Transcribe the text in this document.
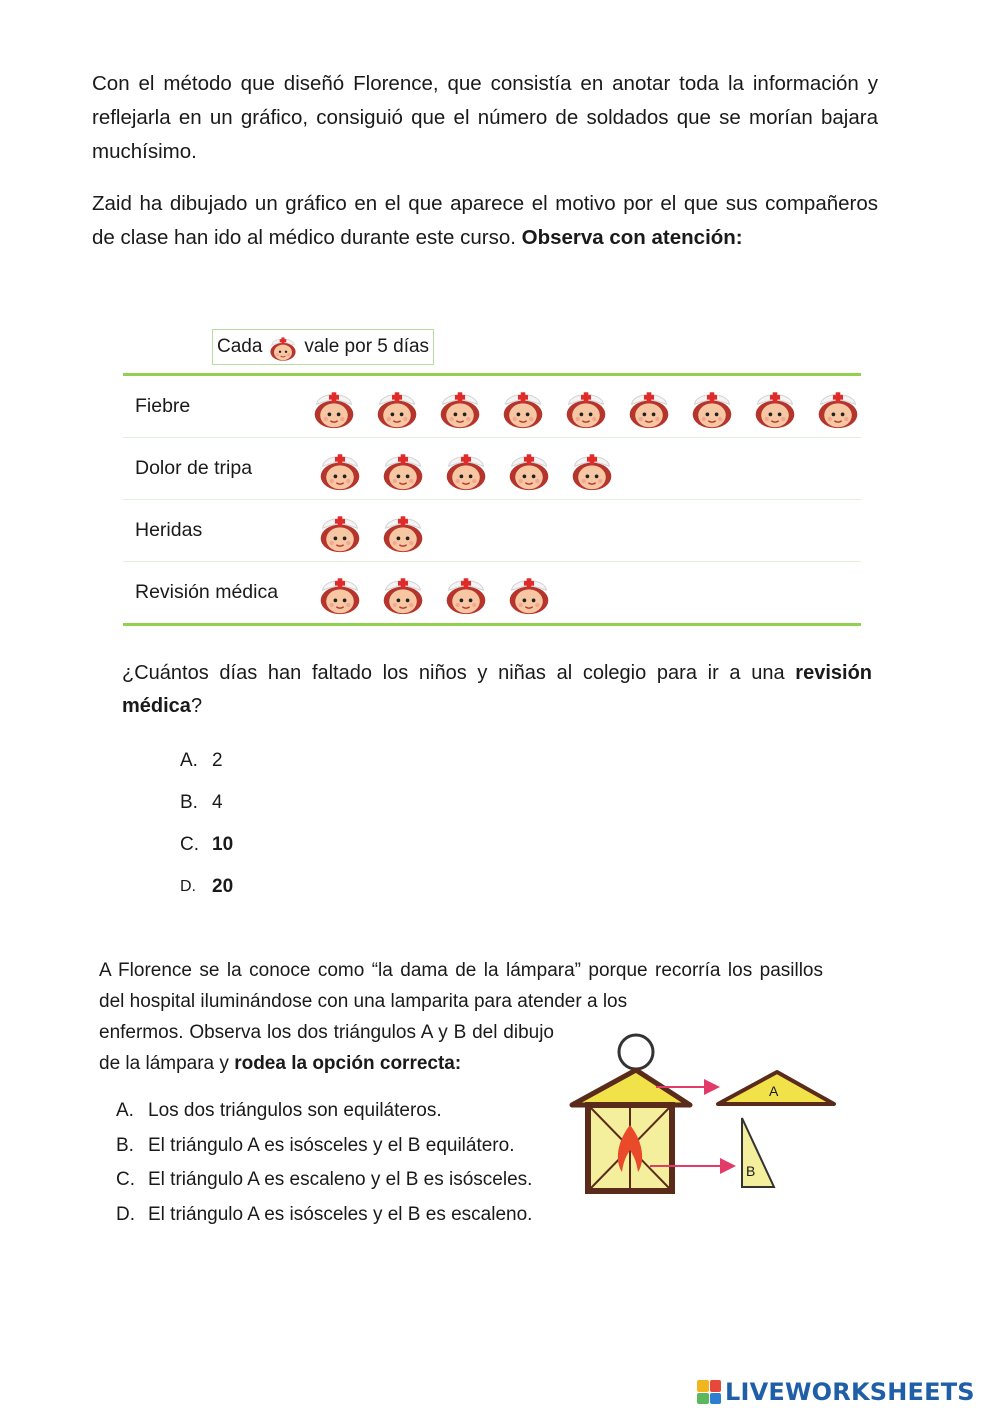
Con el método que diseñó Florence, que consistía en anotar toda la información y reflejarla en un gráfico, consiguió que el número de soldados que se morían bajara muchísimo.

Zaid ha dibujado un gráfico en el que aparece el motivo por el que sus compañeros de clase han ido al médico durante este curso. Observa con atención:

Cada vale por 5 días
Fiebre
Dolor de tripa
Heridas
Revisión médica

¿Cuántos días han faltado los niños y niñas al colegio para ir a una revisión médica?

A. 2
B. 4
C. 10
D. 20

A Florence se la conoce como “la dama de la lámpara” porque recorría los pasillos del hospital iluminándose con una lamparita para atender a los
enfermos. Observa los dos triángulos A y B del dibujo de la lámpara y rodea la opción correcta:

A. Los dos triángulos son equiláteros.
B. El triángulo A es isósceles y el B equilátero.
C. El triángulo A es escaleno y el B es isósceles.
D. El triángulo A es isósceles y el B es escaleno.
A
B
LIVEWORKSHEETS
